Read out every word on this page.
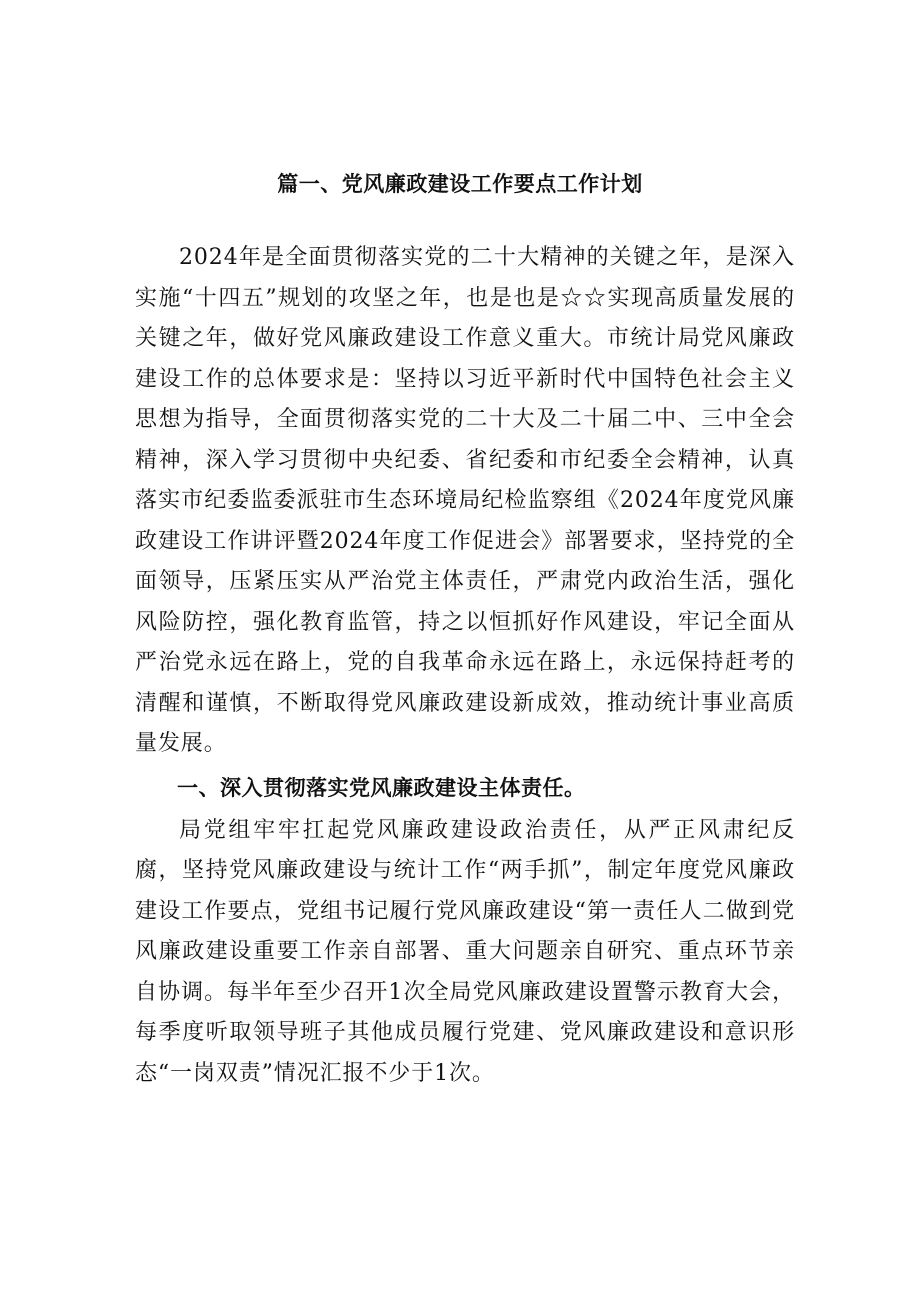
篇一、党风廉政建设工作要点工作计划

2024年是全面贯彻落实党的二十大精神的关键之年，是深入实施“十四五”规划的攻坚之年，也是也是☆☆实现高质量发展的关键之年，做好党风廉政建设工作意义重大。市统计局党风廉政建设工作的总体要求是：坚持以习近平新时代中国特色社会主义思想为指导，全面贯彻落实党的二十大及二十届二中、三中全会精神，深入学习贯彻中央纪委、省纪委和市纪委全会精神，认真落实市纪委监委派驻市生态环境局纪检监察组《2024年度党风廉政建设工作讲评暨2024年度工作促进会》部署要求，坚持党的全面领导，压紧压实从严治党主体责任，严肃党内政治生活，强化风险防控，强化教育监管，持之以恒抓好作风建设，牢记全面从严治党永远在路上，党的自我革命永远在路上，永远保持赶考的清醒和谨慎，不断取得党风廉政建设新成效，推动统计事业高质量发展。

一、深入贯彻落实党风廉政建设主体责任。

局党组牢牢扛起党风廉政建设政治责任，从严正风肃纪反腐，坚持党风廉政建设与统计工作“两手抓”，制定年度党风廉政建设工作要点，党组书记履行党风廉政建设“第一责任人二做到党风廉政建设重要工作亲自部署、重大问题亲自研究、重点环节亲自协调。每半年至少召开1次全局党风廉政建设置警示教育大会，每季度听取领导班子其他成员履行党建、党风廉政建设和意识形态“一岗双责”情况汇报不少于1次。
